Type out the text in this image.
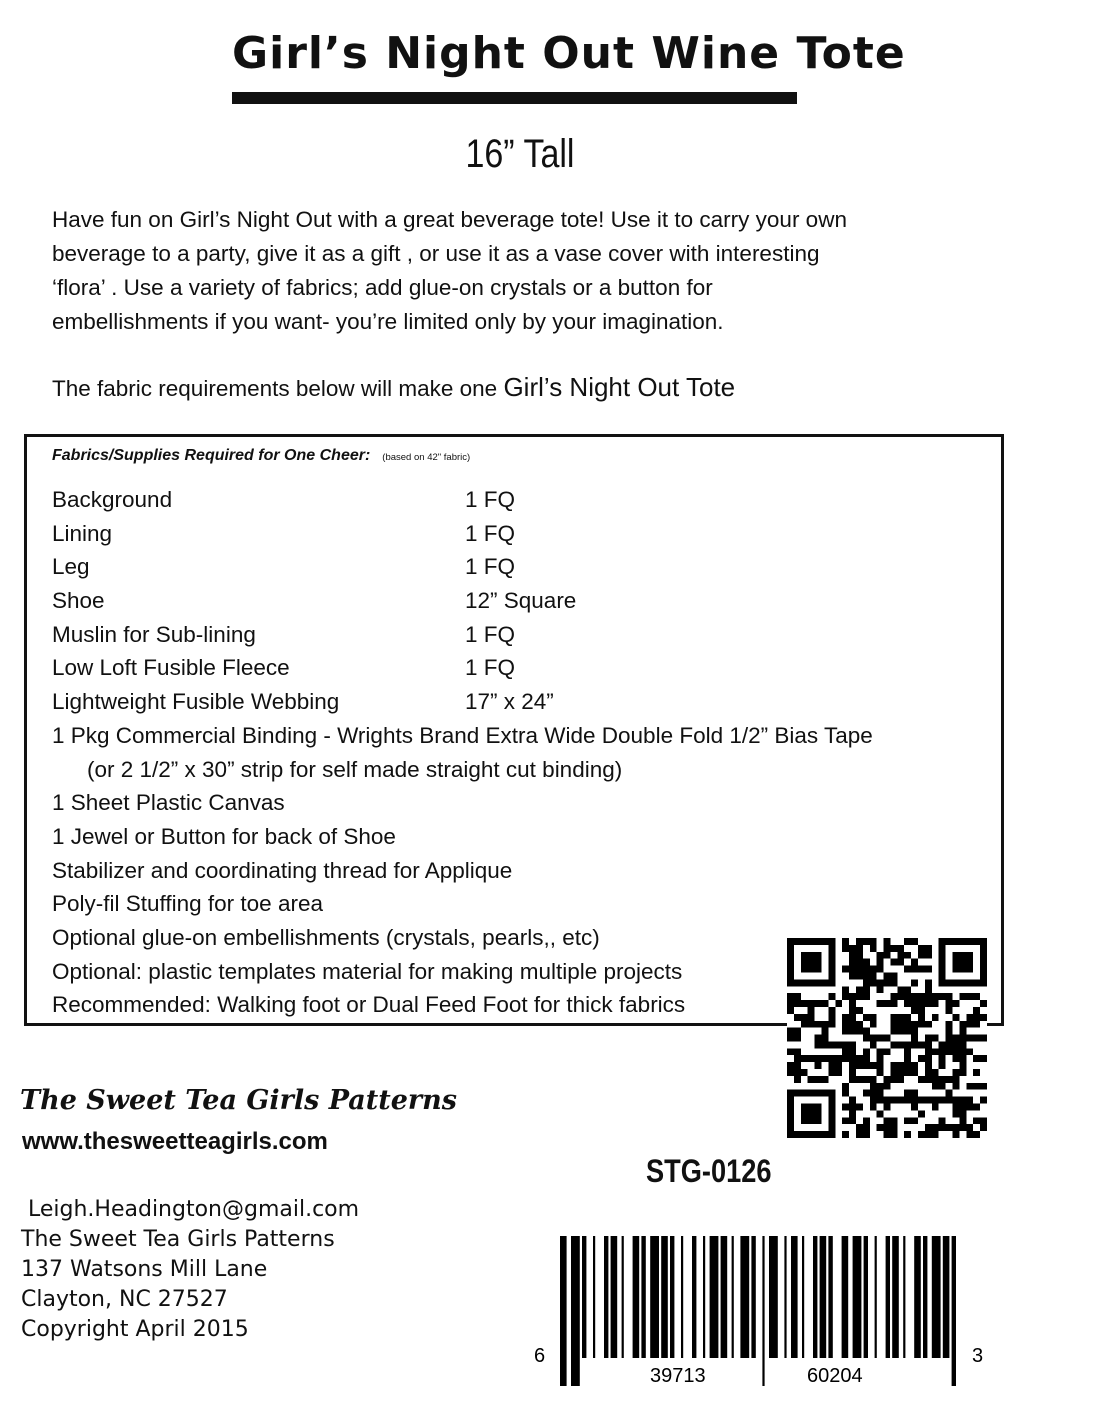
Girl’s Night Out Wine Tote
16” Tall

Have fun on Girl’s Night Out with a great beverage tote! Use it to carry your own

beverage to a party, give it as a gift , or use it as a vase cover with interesting

‘flora’ . Use a variety of fabrics; add glue-on crystals or a button for

embellishments if you want- you’re limited only by your imagination.

The fabric requirements below will make one Girl’s Night Out Tote
Fabrics/Supplies Required for One Cheer: (based on 42" fabric)
Background	1 FQ
Lining	1 FQ
Leg	1 FQ
Shoe	12” Square
Muslin for Sub-lining	1 FQ
Low Loft Fusible Fleece	1 FQ
Lightweight Fusible Webbing	17” x 24”
1 Pkg Commercial Binding - Wrights Brand Extra Wide Double Fold 1/2” Bias Tape
(or 2 1/2” x 30” strip for self made straight cut binding)
1 Sheet Plastic Canvas
1 Jewel or Button for back of Shoe
Stabilizer and coordinating thread for Applique
Poly-fil Stuffing for toe area
Optional glue-on embellishments (crystals, pearls,, etc)
Optional: plastic templates material for making multiple projects
Recommended: Walking foot or Dual Feed Foot for thick fabrics
The Sweet Tea Girls Patterns
www.thesweetteagirls.com
STG-0126
Leigh.Headington@gmail.com
The Sweet Tea Girls Patterns
137 Watsons Mill Lane
Clayton, NC 27527
Copyright April 2015
6
39713	60204
3
